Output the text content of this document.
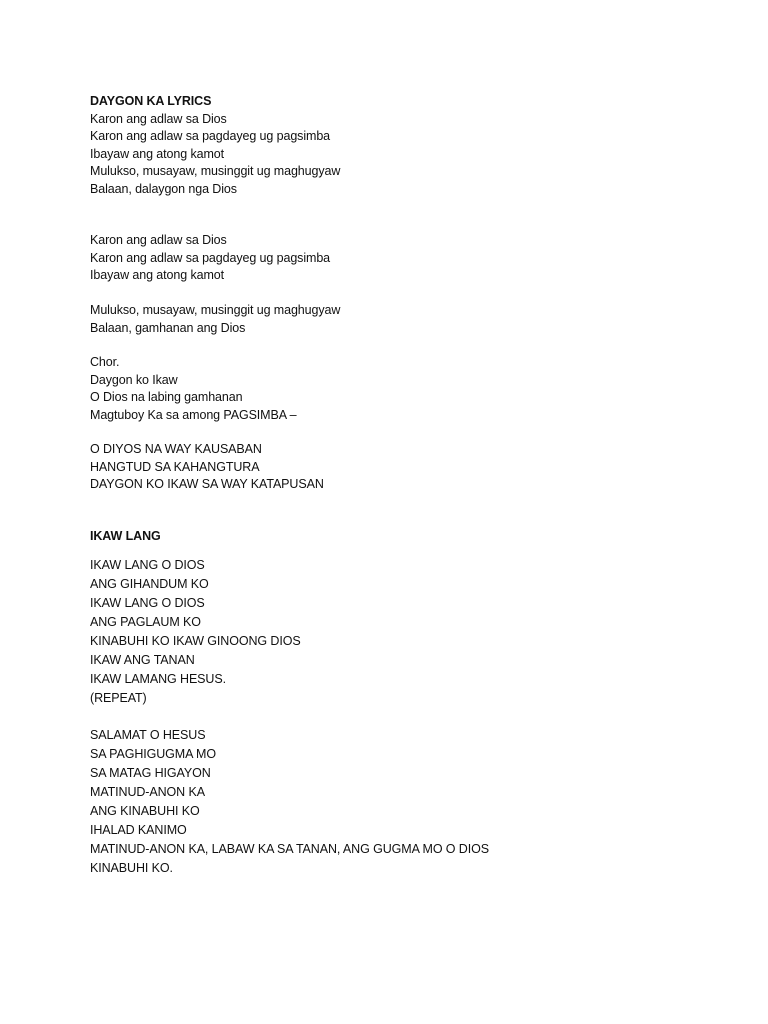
DAYGON KA LYRICS
Karon ang adlaw sa Dios
Karon ang adlaw sa pagdayeg ug pagsimba
Ibayaw ang atong kamot
Mulukso, musayaw, musinggit ug maghugyaw
Balaan, dalaygon nga Dios
Karon ang adlaw sa Dios
Karon ang adlaw sa pagdayeg ug pagsimba
Ibayaw ang atong kamot
Mulukso, musayaw, musinggit ug maghugyaw
Balaan, gamhanan ang Dios
Chor.
Daygon ko Ikaw
O Dios na labing gamhanan
Magtuboy Ka sa among PAGSIMBA –
O DIYOS NA WAY KAUSABAN
HANGTUD SA KAHANGTURA
DAYGON KO IKAW SA WAY KATAPUSAN
IKAW LANG
IKAW LANG O DIOS
ANG GIHANDUM KO
IKAW LANG O DIOS
ANG PAGLAUM KO
KINABUHI KO IKAW GINOONG DIOS
IKAW ANG TANAN
IKAW LAMANG HESUS.
(REPEAT)
SALAMAT O HESUS
SA PAGHIGUGMA MO
SA MATAG HIGAYON
MATINUD-ANON KA
ANG KINABUHI KO
IHALAD KANIMO
MATINUD-ANON KA, LABAW KA SA TANAN, ANG GUGMA MO O DIOS
KINABUHI KO.
